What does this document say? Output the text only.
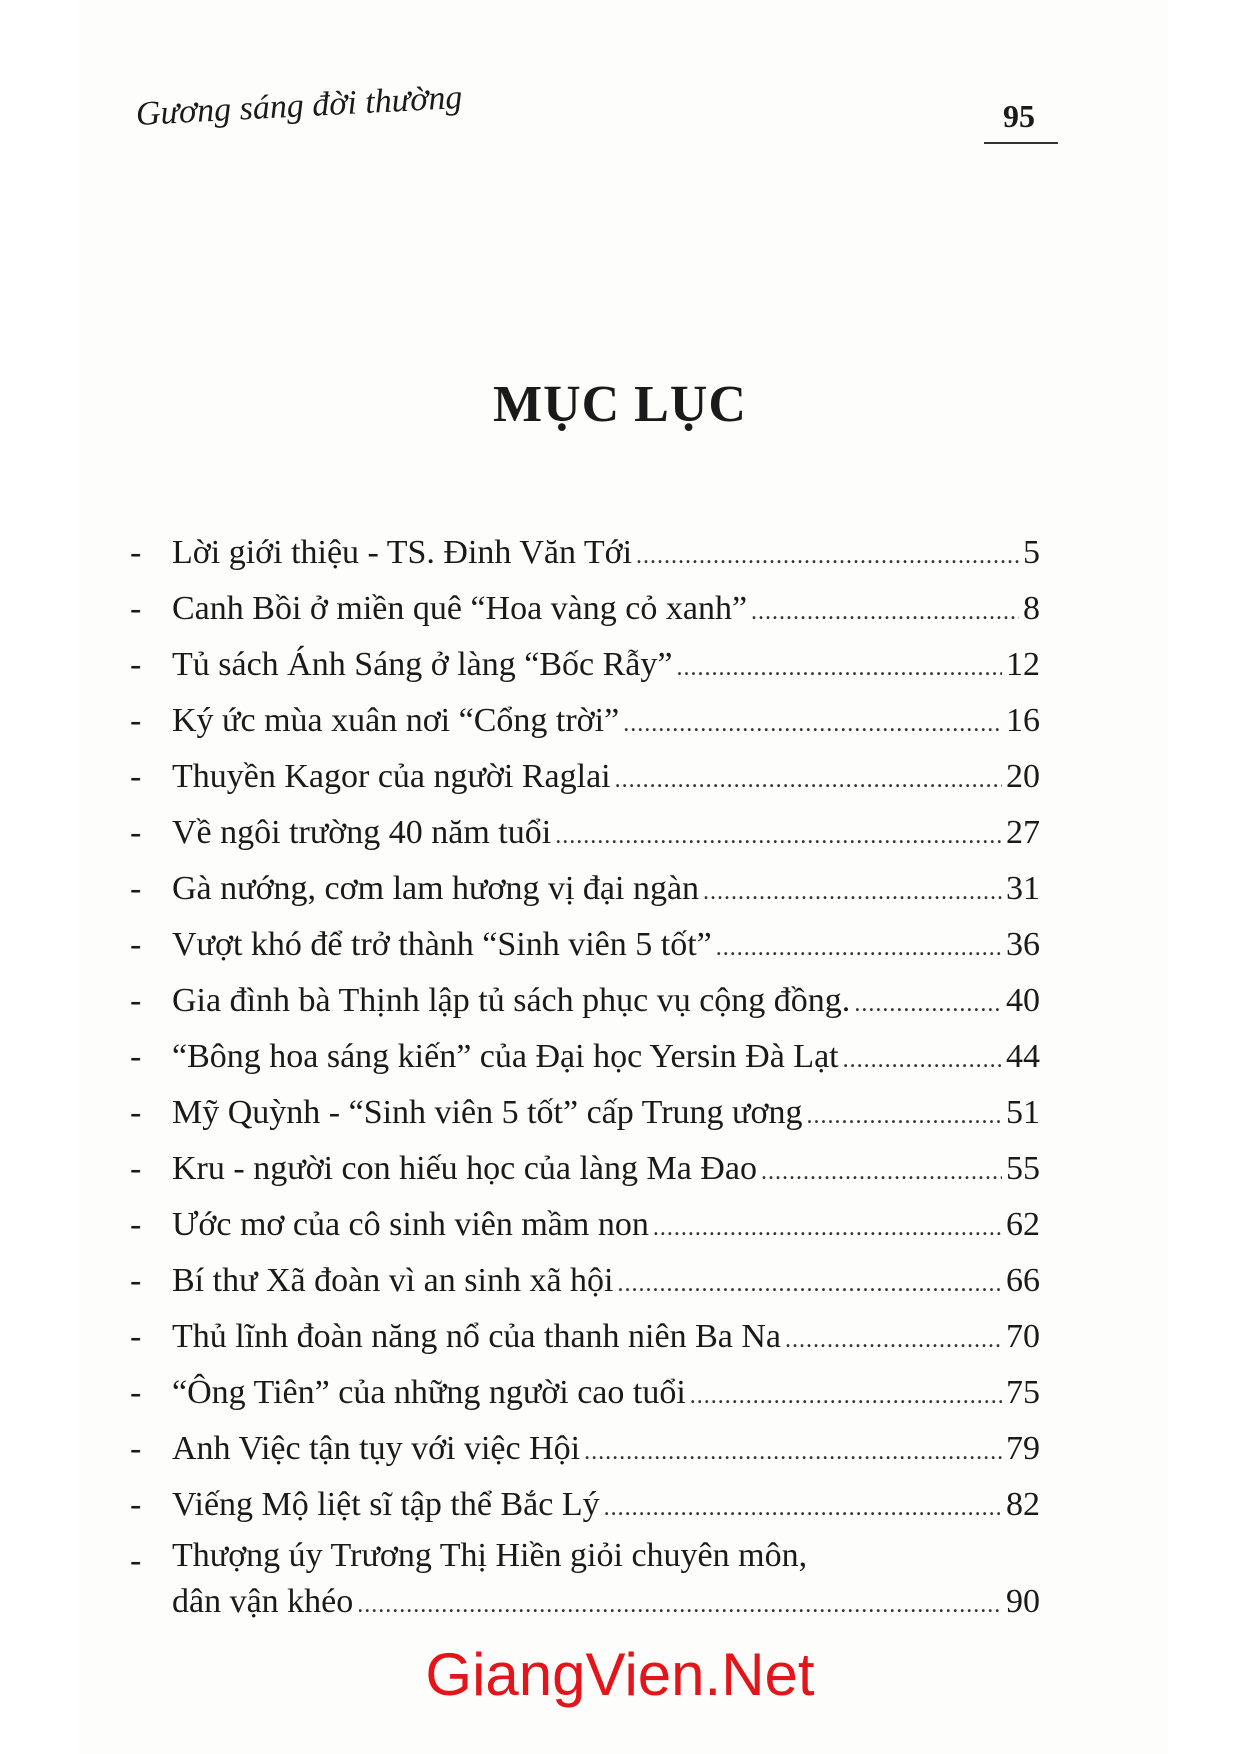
Gương sáng đời thường	95
MỤC LỤC
- Lời giới thiệu - TS. Đinh Văn Tới .....	5
- Canh Bồi ở miền quê “Hoa vàng cỏ xanh” .....	8
- Tủ sách Ánh Sáng ở làng “Bốc Rẫy” .....	12
- Ký ức mùa xuân nơi “Cổng trời” .....	16
- Thuyền Kagor của người Raglai .....	20
- Về ngôi trường 40 năm tuổi .....	27
- Gà nướng, cơm lam hương vị đại ngàn .....	31
- Vượt khó để trở thành “Sinh viên 5 tốt” .....	36
- Gia đình bà Thịnh lập tủ sách phục vụ cộng đồng. .....	40
- “Bông hoa sáng kiến” của Đại học Yersin Đà Lạt .....	44
- Mỹ Quỳnh - “Sinh viên 5 tốt” cấp Trung ương .....	51
- Kru - người con hiếu học của làng Ma Đao .....	55
- Ước mơ của cô sinh viên mầm non .....	62
- Bí thư Xã đoàn vì an sinh xã hội .....	66
- Thủ lĩnh đoàn năng nổ của thanh niên Ba Na .....	70
- “Ông Tiên” của những người cao tuổi .....	75
- Anh Việc tận tụy với việc Hội .....	79
- Viếng Mộ liệt sĩ tập thể Bắc Lý .....	82
- Thượng úy Trương Thị Hiền giỏi chuyên môn,
dân vận khéo .....	90
GiangVien.Net
